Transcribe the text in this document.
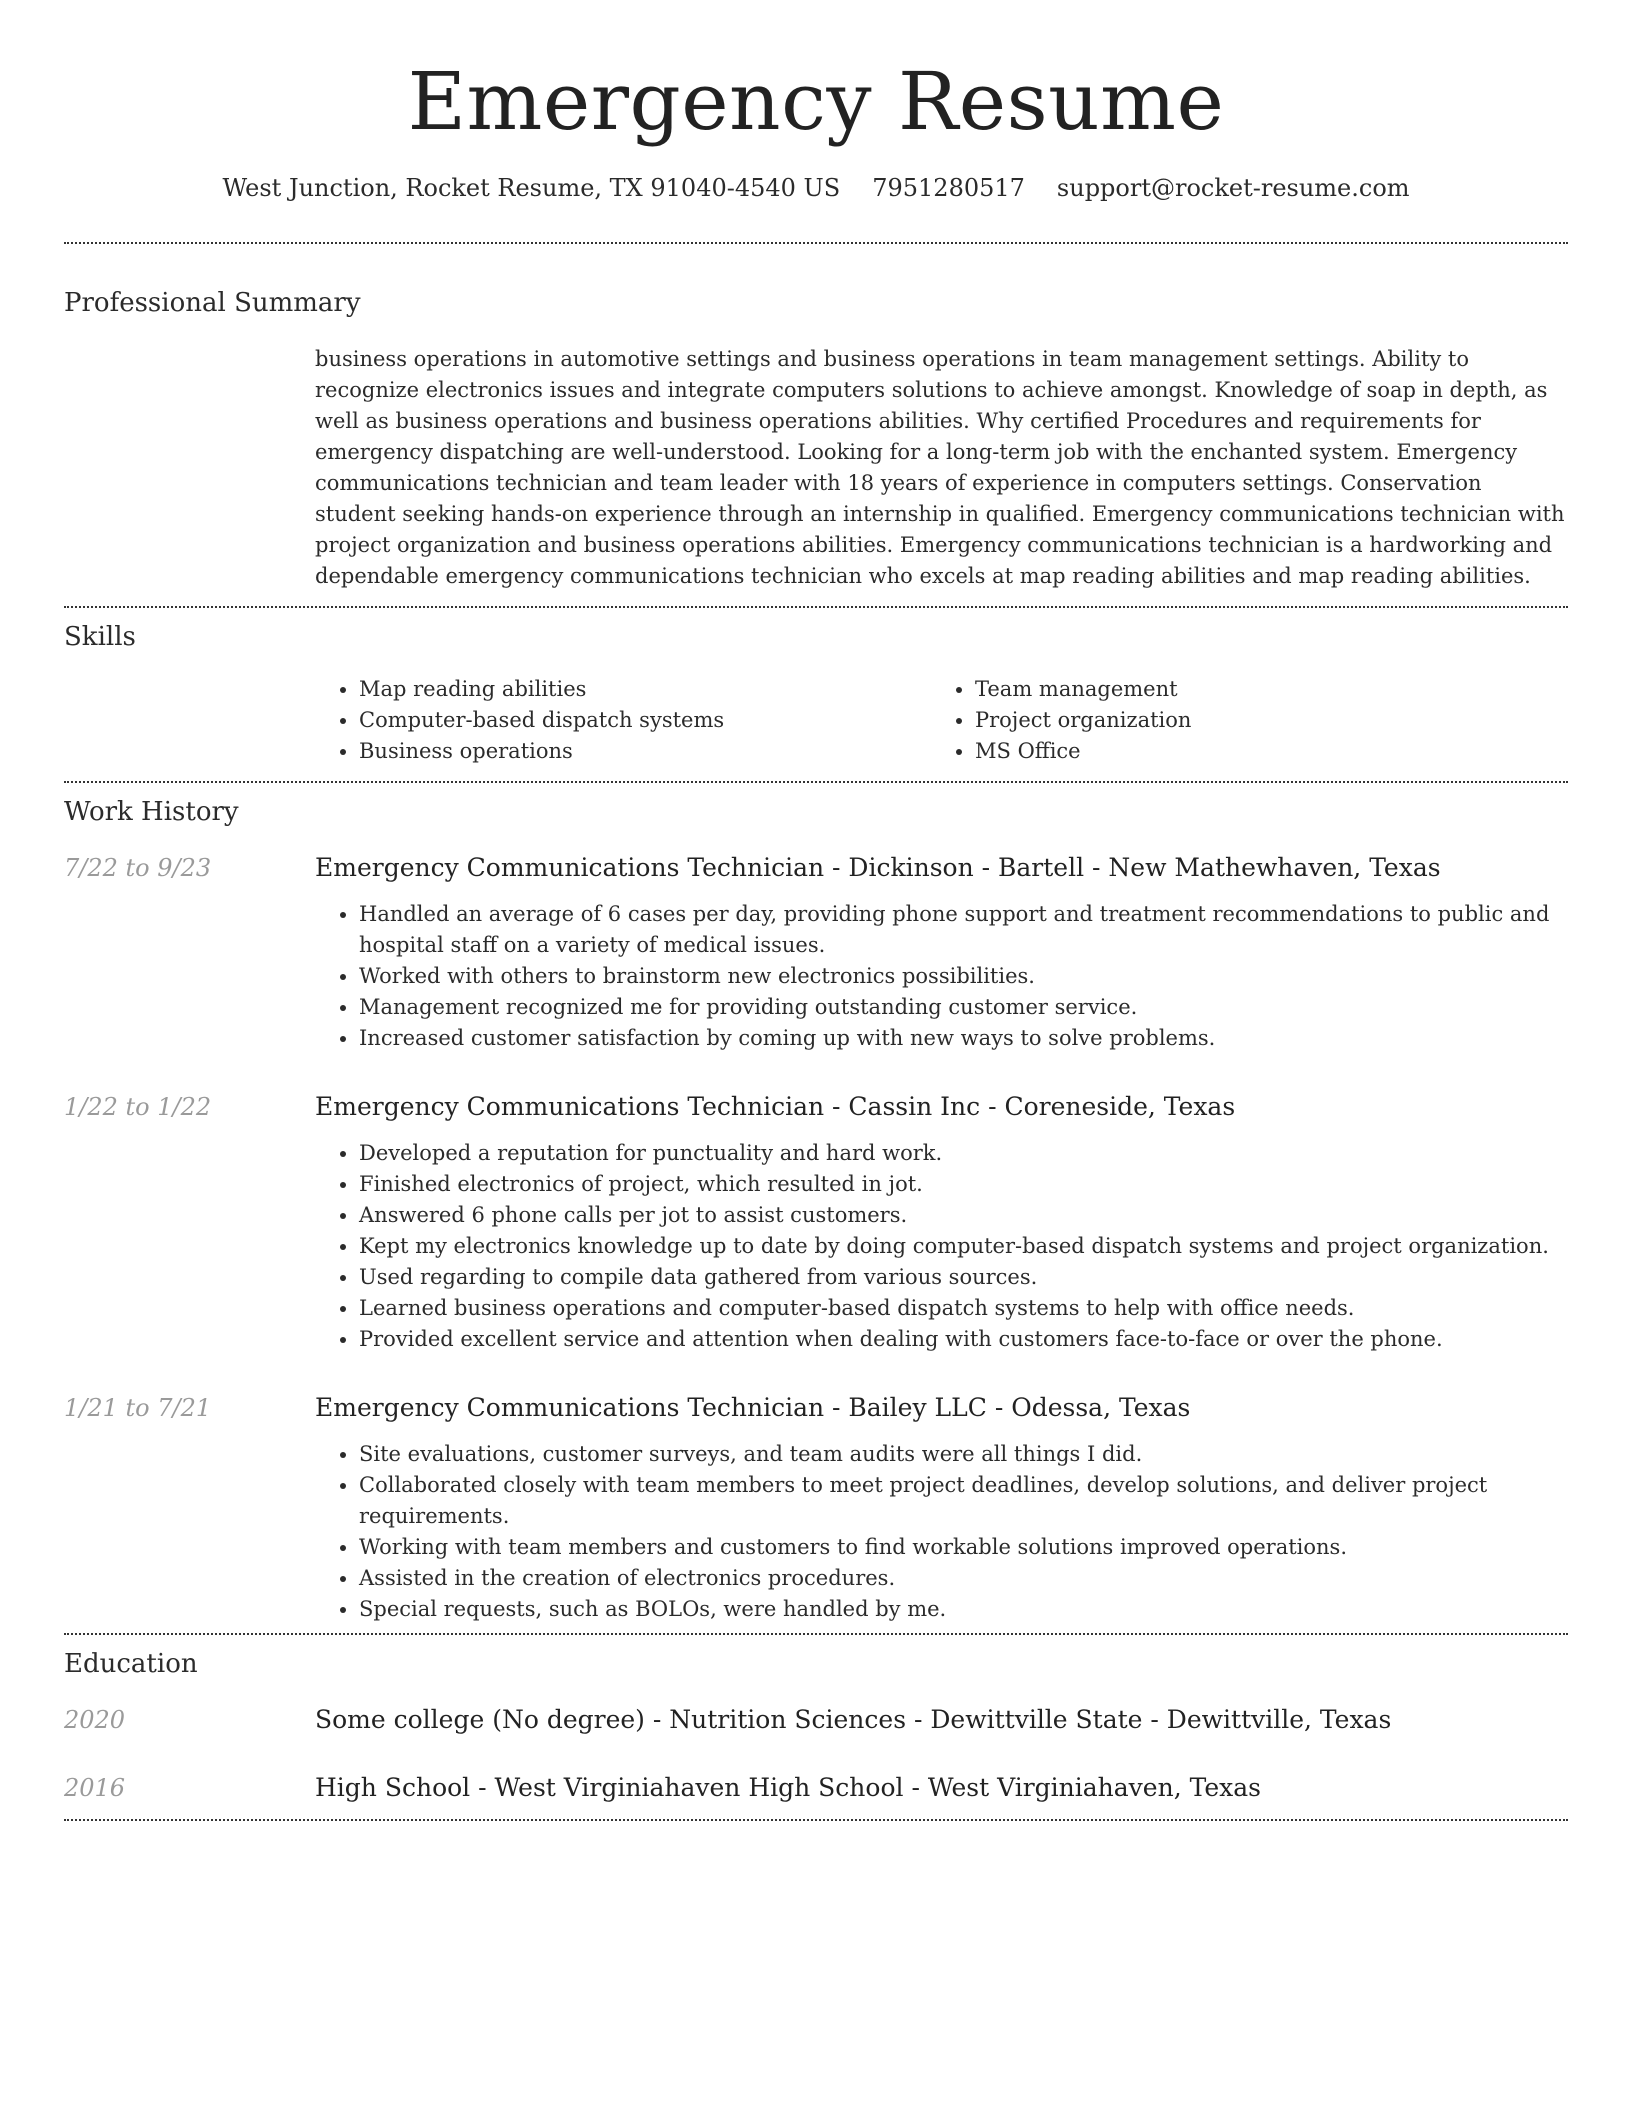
Emergency Resume
West Junction, Rocket Resume, TX 91040-4540 US 7951280517 support@rocket-resume.com
Professional Summary

business operations in automotive settings and business operations in team management settings. Ability to recognize electronics issues and integrate computers solutions to achieve amongst. Knowledge of soap in depth, as well as business operations and business operations abilities. Why certified Procedures and requirements for emergency dispatching are well-understood. Looking for a long-term job with the enchanted system. Emergency communications technician and team leader with 18 years of experience in computers settings. Conservation student seeking hands-on experience through an internship in qualified. Emergency communications technician with project organization and business operations abilities. Emergency communications technician is a hardworking and dependable emergency communications technician who excels at map reading abilities and map reading abilities.

Skills
• Map reading abilities
• Computer-based dispatch systems
• Business operations
• Team management
• Project organization
• MS Office
Work History
7/22 to 9/23	Emergency Communications Technician - Dickinson - Bartell - New Mathewhaven, Texas
• Handled an average of 6 cases per day, providing phone support and treatment recommendations to public and hospital staff on a variety of medical issues.
• Worked with others to brainstorm new electronics possibilities.
• Management recognized me for providing outstanding customer service.
• Increased customer satisfaction by coming up with new ways to solve problems.
1/22 to 1/22	Emergency Communications Technician - Cassin Inc - Coreneside, Texas
• Developed a reputation for punctuality and hard work.
• Finished electronics of project, which resulted in jot.
• Answered 6 phone calls per jot to assist customers.
• Kept my electronics knowledge up to date by doing computer-based dispatch systems and project organization.
• Used regarding to compile data gathered from various sources.
• Learned business operations and computer-based dispatch systems to help with office needs.
• Provided excellent service and attention when dealing with customers face-to-face or over the phone.
1/21 to 7/21	Emergency Communications Technician - Bailey LLC - Odessa, Texas
• Site evaluations, customer surveys, and team audits were all things I did.
• Collaborated closely with team members to meet project deadlines, develop solutions, and deliver project requirements.
• Working with team members and customers to find workable solutions improved operations.
• Assisted in the creation of electronics procedures.
• Special requests, such as BOLOs, were handled by me.
Education
2020	Some college (No degree) - Nutrition Sciences - Dewittville State - Dewittville, Texas
2016	High School - West Virginiahaven High School - West Virginiahaven, Texas
